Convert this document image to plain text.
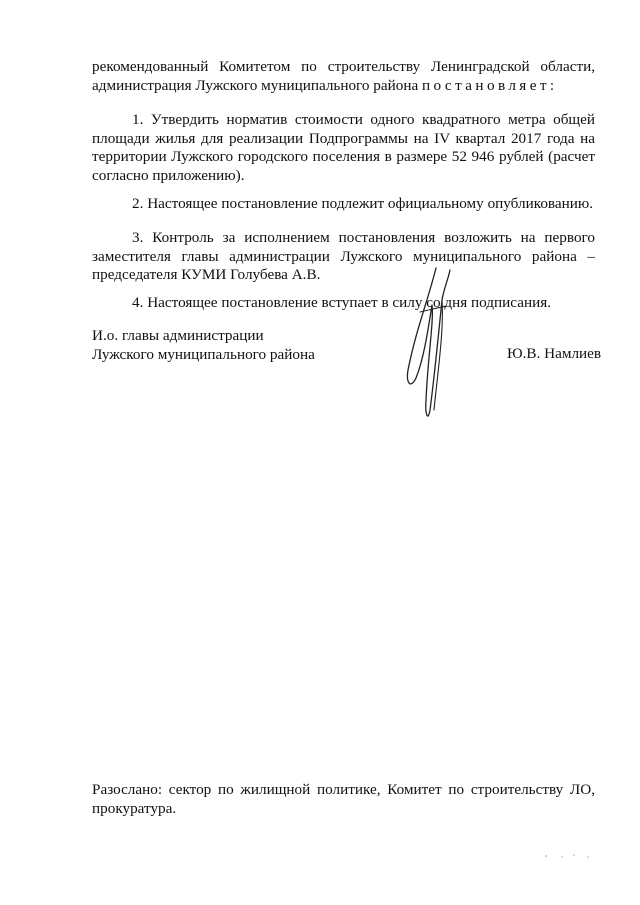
рекомендованный Комитетом по строительству Ленинградской области,
администрация Лужского муниципального района постановляет:
1. Утвердить норматив стоимости одного квадратного метра общей
площади жилья для реализации Подпрограммы на IV квартал 2017 года на
территории Лужского городского поселения в размере 52 946 рублей (расчет
согласно приложению).
2. Настоящее постановление подлежит официальному опубликованию.
3. Контроль за исполнением постановления возложить на первого
заместителя главы администрации Лужского муниципального района –
председателя КУМИ Голубева А.В.
4. Настоящее постановление вступает в силу со дня подписания.
И.о. главы администрации
Лужского муниципального района	Ю.В. Намлиев
Разослано: сектор по жилищной политике, Комитет по строительству ЛО,
прокуратура.
